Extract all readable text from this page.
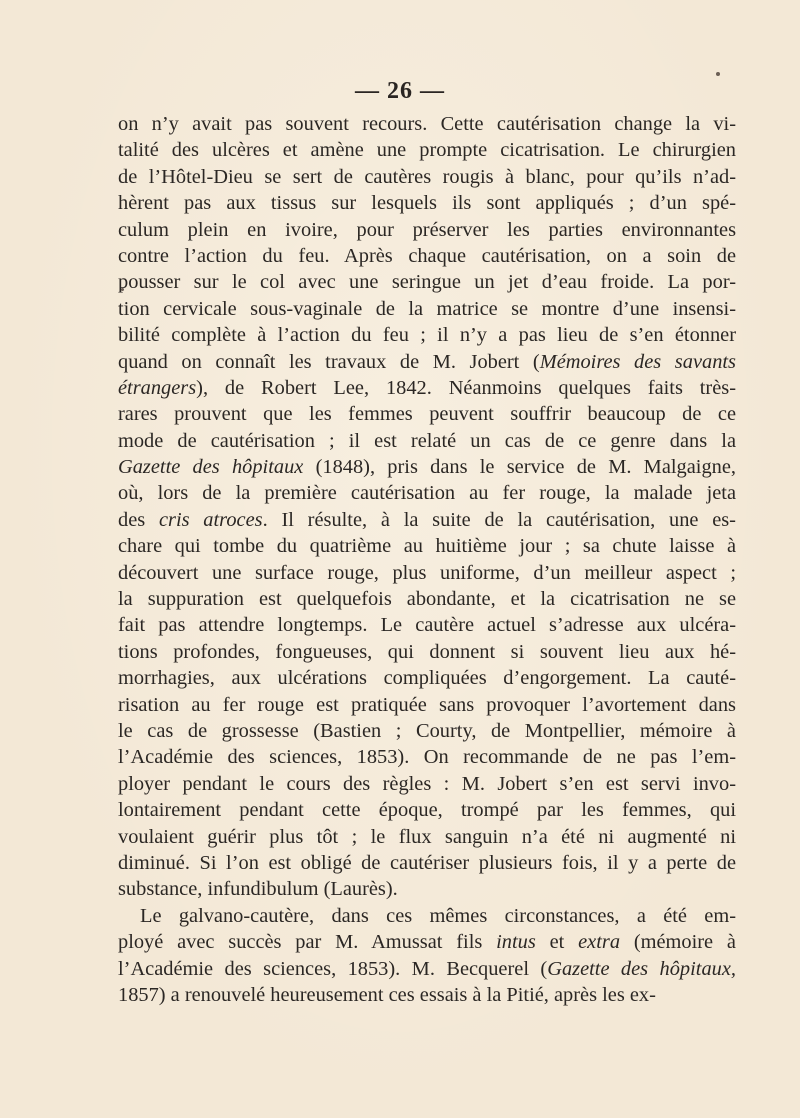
— 26 —
on n’y avait pas souvent recours. Cette cautérisation change la vi-
talité des ulcères et amène une prompte cicatrisation. Le chirurgien
de l’Hôtel-Dieu se sert de cautères rougis à blanc, pour qu’ils n’ad-
hèrent pas aux tissus sur lesquels ils sont appliqués ; d’un spé-
culum plein en ivoire, pour préserver les parties environnantes
contre l’action du feu. Après chaque cautérisation, on a soin de
pousser sur le col avec une seringue un jet d’eau froide. La por-
tion cervicale sous-vaginale de la matrice se montre d’une insensi-
bilité complète à l’action du feu ; il n’y a pas lieu de s’en étonner
quand on connaît les travaux de M. Jobert (Mémoires des savants
étrangers), de Robert Lee, 1842. Néanmoins quelques faits très-
rares prouvent que les femmes peuvent souffrir beaucoup de ce
mode de cautérisation ; il est relaté un cas de ce genre dans la
Gazette des hôpitaux (1848), pris dans le service de M. Malgaigne,
où, lors de la première cautérisation au fer rouge, la malade jeta
des cris atroces. Il résulte, à la suite de la cautérisation, une es-
chare qui tombe du quatrième au huitième jour ; sa chute laisse à
découvert une surface rouge, plus uniforme, d’un meilleur aspect ;
la suppuration est quelquefois abondante, et la cicatrisation ne se
fait pas attendre longtemps. Le cautère actuel s’adresse aux ulcéra-
tions profondes, fongueuses, qui donnent si souvent lieu aux hé-
morrhagies, aux ulcérations compliquées d’engorgement. La cauté-
risation au fer rouge est pratiquée sans provoquer l’avortement dans
le cas de grossesse (Bastien ; Courty, de Montpellier, mémoire à
l’Académie des sciences, 1853). On recommande de ne pas l’em-
ployer pendant le cours des règles : M. Jobert s’en est servi invo-
lontairement pendant cette époque, trompé par les femmes, qui
voulaient guérir plus tôt ; le flux sanguin n’a été ni augmenté ni
diminué. Si l’on est obligé de cautériser plusieurs fois, il y a perte de
substance, infundibulum (Laurès).
Le galvano-cautère, dans ces mêmes circonstances, a été em-
ployé avec succès par M. Amussat fils intus et extra (mémoire à
l’Académie des sciences, 1853). M. Becquerel (Gazette des hôpitaux,
1857) a renouvelé heureusement ces essais à la Pitié, après les ex-
